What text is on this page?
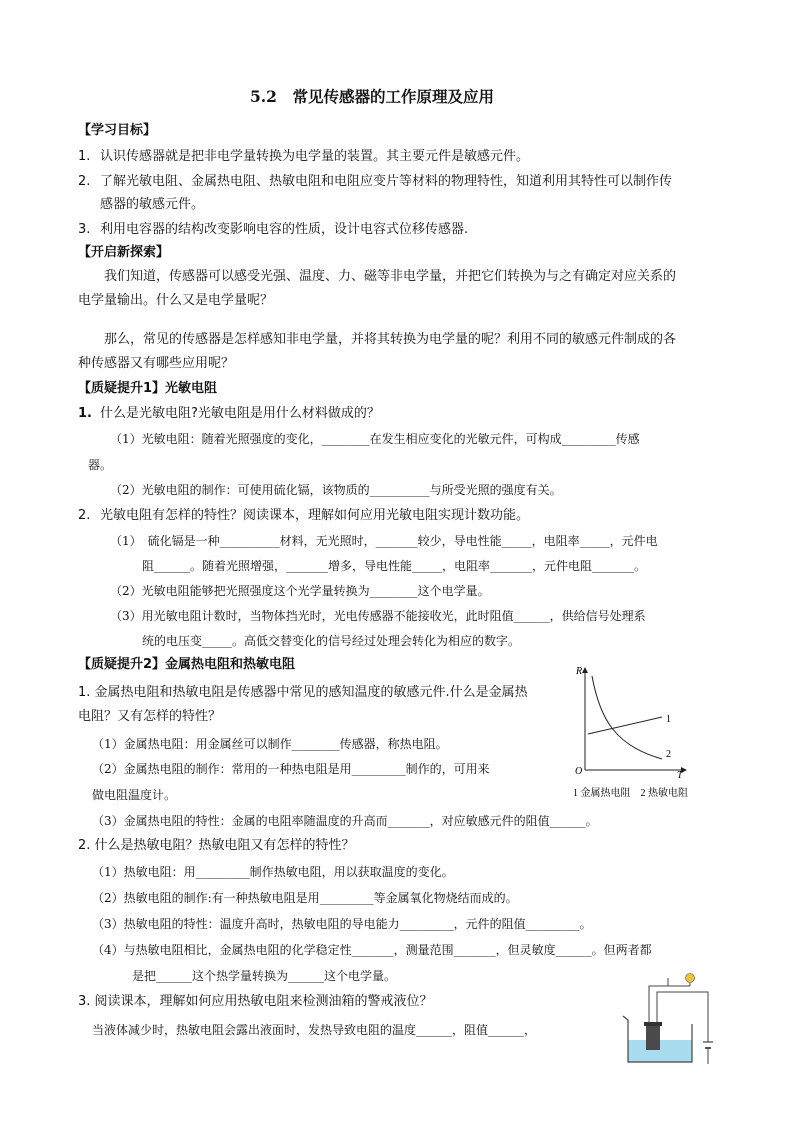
5.2　常见传感器的工作原理及应用
【学习目标】
1. 认识传感器就是把非电学量转换为电学量的装置。其主要元件是敏感元件。
2. 了解光敏电阻、金属热电阻、热敏电阻和电阻应变片等材料的物理特性，知道利用其特性可以制作传
感器的敏感元件。
3. 利用电容器的结构改变影响电容的性质，设计电容式位移传感器.
【开启新探索】
我们知道，传感器可以感受光强、温度、力、磁等非电学量，并把它们转换为与之有确定对应关系的
电学量输出。什么又是电学量呢？
那么，常见的传感器是怎样感知非电学量，并将其转换为电学量的呢？利用不同的敏感元件制成的各
种传感器又有哪些应用呢？
【质疑提升1】光敏电阻
1. 什么是光敏电阻?光敏电阻是用什么材料做成的？
（1）光敏电阻：随着光照强度的变化，________在发生相应变化的光敏元件，可构成_________传感
器。
（2）光敏电阻的制作：可使用硫化镉，该物质的__________与所受光照的强度有关。
2. 光敏电阻有怎样的特性？阅读课本，理解如何应用光敏电阻实现计数功能。
（1）　硫化镉是一种__________材料，无光照时，_______较少，导电性能_____，电阻率_____，元件电
阻______。随着光照增强，_______增多，导电性能_____，电阻率_______，元件电阻_______。
（2）光敏电阻能够把光照强度这个光学量转换为________这个电学量。
（3）用光敏电阻计数时，当物体挡光时，光电传感器不能接收光，此时阻值______，供给信号处理系
统的电压变_____。高低交替变化的信号经过处理会转化为相应的数字。
【质疑提升2】金属热电阻和热敏电阻
1. 金属热电阻和热敏电阻是传感器中常见的感知温度的敏感元件.什么是金属热
电阻？又有怎样的特性？
（1）金属热电阻：用金属丝可以制作________传感器，称热电阻。
（2）金属热电阻的制作：常用的一种热电阻是用_________制作的，可用来
做电阻温度计。
（3）金属热电阻的特性：金属的电阻率随温度的升高而_______，对应敏感元件的阻值______。
2. 什么是热敏电阻？热敏电阻又有怎样的特性？
（1）热敏电阻：用_________制作热敏电阻，用以获取温度的变化。
（2）热敏电阻的制作:有一种热敏电阻是用_________等金属氧化物烧结而成的。
（3）热敏电阻的特性：温度升高时，热敏电阻的导电能力_________，元件的阻值_________。
（4）与热敏电阻相比，金属热电阻的化学稳定性_______，测量范围_______，但灵敏度______。但两者都
是把______这个热学量转换为______这个电学量。
3. 阅读课本，理解如何应用热敏电阻来检测油箱的警戒液位？
当液体减少时，热敏电阻会露出液面时，发热导致电阻的温度______，阻值______，
R
T
O
1
2
1 金属热电阻　2 热敏电阻
